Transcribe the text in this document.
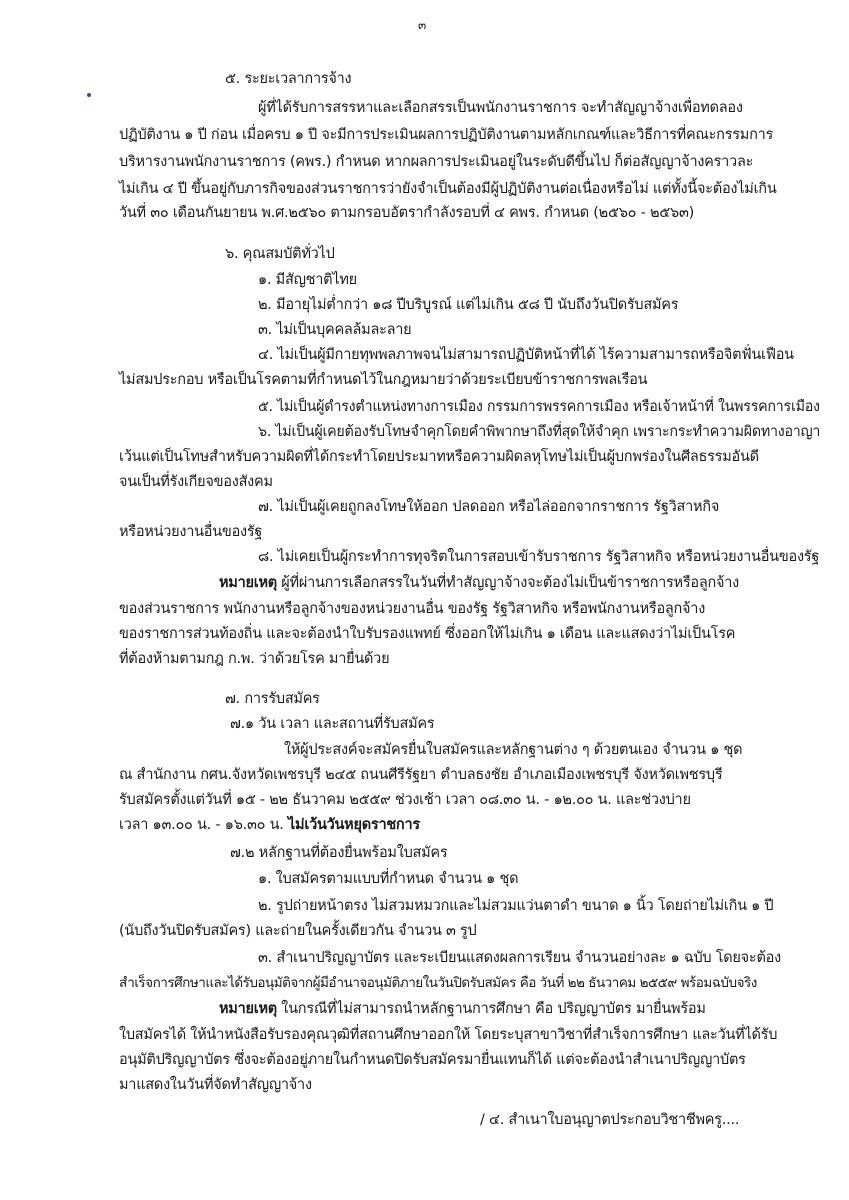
๓
๕. ระยะเวลาการจ้าง
ผู้ที่ได้รับการสรรหาและเลือกสรรเป็นพนักงานราชการ จะทำสัญญาจ้างเพื่อทดลอง
ปฏิบัติงาน ๑ ปี ก่อน เมื่อครบ ๑ ปี จะมีการประเมินผลการปฏิบัติงานตามหลักเกณฑ์และวิธีการที่คณะกรรมการ
บริหารงานพนักงานราชการ (คพร.) กำหนด หากผลการประเมินอยู่ในระดับดีขึ้นไป ก็ต่อสัญญาจ้างคราวละ
ไม่เกิน ๔ ปี ขึ้นอยู่กับภารกิจของส่วนราชการว่ายังจำเป็นต้องมีผู้ปฏิบัติงานต่อเนื่องหรือไม่ แต่ทั้งนี้จะต้องไม่เกิน
วันที่ ๓๐ เดือนกันยายน พ.ศ.๒๕๖๐ ตามกรอบอัตรากำลังรอบที่ ๔ คพร. กำหนด (๒๕๖๐ - ๒๕๖๓)
๖. คุณสมบัติทั่วไป
๑. มีสัญชาติไทย
๒. มีอายุไม่ต่ำกว่า ๑๘ ปีบริบูรณ์ แต่ไม่เกิน ๕๘ ปี นับถึงวันปิดรับสมัคร
๓. ไม่เป็นบุคคลล้มละลาย
๔. ไม่เป็นผู้มีกายทุพพลภาพจนไม่สามารถปฏิบัติหน้าที่ได้ ไร้ความสามารถหรือจิตฟั่นเฟือน
ไม่สมประกอบ หรือเป็นโรคตามที่กำหนดไว้ในกฎหมายว่าด้วยระเบียบข้าราชการพลเรือน
๕. ไม่เป็นผู้ดำรงตำแหน่งทางการเมือง กรรมการพรรคการเมือง หรือเจ้าหน้าที่ ในพรรคการเมือง
๖. ไม่เป็นผู้เคยต้องรับโทษจำคุกโดยคำพิพากษาถึงที่สุดให้จำคุก เพราะกระทำความผิดทางอาญา
เว้นแต่เป็นโทษสำหรับความผิดที่ได้กระทำโดยประมาทหรือความผิดลหุโทษไม่เป็นผู้บกพร่องในศีลธรรมอันดี
จนเป็นที่รังเกียจของสังคม
๗. ไม่เป็นผู้เคยถูกลงโทษให้ออก ปลดออก หรือไล่ออกจากราชการ รัฐวิสาหกิจ
หรือหน่วยงานอื่นของรัฐ
๘. ไม่เคยเป็นผู้กระทำการทุจริตในการสอบเข้ารับราชการ รัฐวิสาหกิจ หรือหน่วยงานอื่นของรัฐ
หมายเหตุ ผู้ที่ผ่านการเลือกสรรในวันที่ทำสัญญาจ้างจะต้องไม่เป็นข้าราชการหรือลูกจ้าง
ของส่วนราชการ พนักงานหรือลูกจ้างของหน่วยงานอื่น ของรัฐ รัฐวิสาหกิจ หรือพนักงานหรือลูกจ้าง
ของราชการส่วนท้องถิ่น และจะต้องนำใบรับรองแพทย์ ซึ่งออกให้ไม่เกิน ๑ เดือน และแสดงว่าไม่เป็นโรค
ที่ต้องห้ามตามกฎ ก.พ. ว่าด้วยโรค มายื่นด้วย
๗. การรับสมัคร
๗.๑ วัน เวลา และสถานที่รับสมัคร
ให้ผู้ประสงค์จะสมัครยื่นใบสมัครและหลักฐานต่าง ๆ ด้วยตนเอง จำนวน ๑ ชุด
ณ สำนักงาน กศน.จังหวัดเพชรบุรี ๒๔๕ ถนนศีรีรัฐยา ตำบลธงชัย อำเภอเมืองเพชรบุรี จังหวัดเพชรบุรี
รับสมัครตั้งแต่วันที่ ๑๕ - ๒๒ ธันวาคม ๒๕๕๙ ช่วงเช้า เวลา ๐๘.๓๐ น. - ๑๒.๐๐ น. และช่วงบ่าย
เวลา ๑๓.๐๐ น. - ๑๖.๓๐ น. ไม่เว้นวันหยุดราชการ
๗.๒ หลักฐานที่ต้องยื่นพร้อมใบสมัคร
๑. ใบสมัครตามแบบที่กำหนด จำนวน ๑ ชุด
๒. รูปถ่ายหน้าตรง ไม่สวมหมวกและไม่สวมแว่นตาดำ ขนาด ๑ นิ้ว โดยถ่ายไม่เกิน ๑ ปี
(นับถึงวันปิดรับสมัคร) และถ่ายในครั้งเดียวกัน จำนวน ๓ รูป
๓. สำเนาปริญญาบัตร และระเบียนแสดงผลการเรียน จำนวนอย่างละ ๑ ฉบับ โดยจะต้อง
สำเร็จการศึกษาและได้รับอนุมัติจากผู้มีอำนาจอนุมัติภายในวันปิดรับสมัคร คือ วันที่ ๒๒ ธันวาคม ๒๕๕๙ พร้อมฉบับจริง
หมายเหตุ ในกรณีที่ไม่สามารถนำหลักฐานการศึกษา คือ ปริญญาบัตร มายื่นพร้อม
ใบสมัครได้ ให้นำหนังสือรับรองคุณวุฒิที่สถานศึกษาออกให้ โดยระบุสาขาวิชาที่สำเร็จการศึกษา และวันที่ได้รับ
อนุมัติปริญญาบัตร ซึ่งจะต้องอยู่ภายในกำหนดปิดรับสมัครมายื่นแทนก็ได้ แต่จะต้องนำสำเนาปริญญาบัตร
มาแสดงในวันที่จัดทำสัญญาจ้าง
/ ๔. สำเนาใบอนุญาตประกอบวิชาชีพครู....
